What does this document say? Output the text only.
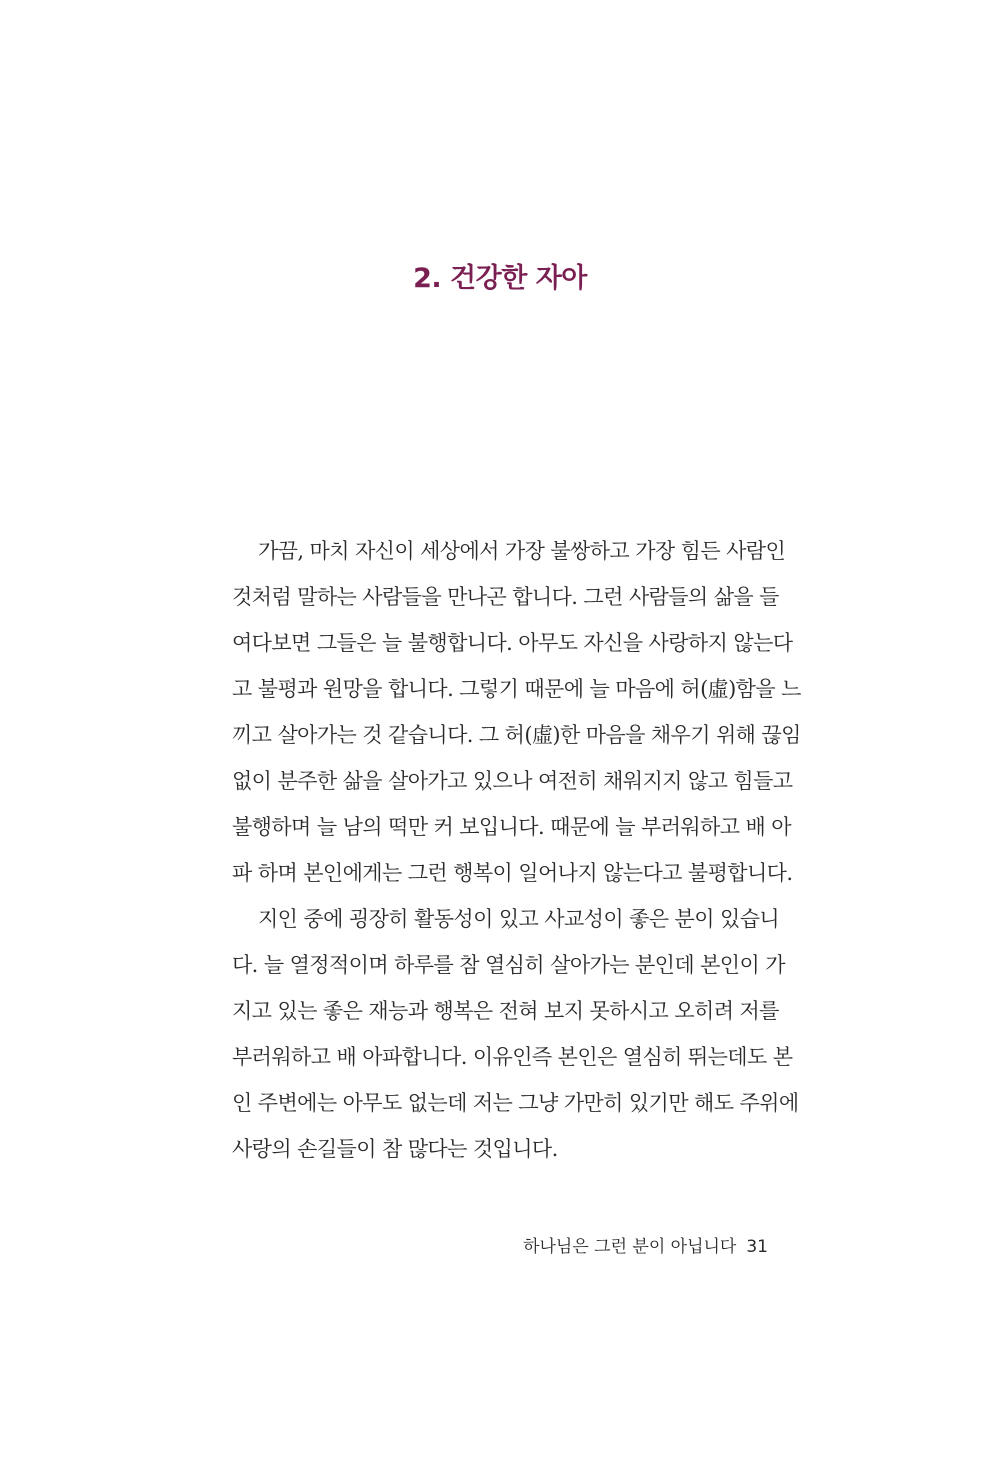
2. 건강한 자아
가끔, 마치 자신이 세상에서 가장 불쌍하고 가장 힘든 사람인
것처럼 말하는 사람들을 만나곤 합니다. 그런 사람들의 삶을 들
여다보면 그들은 늘 불행합니다. 아무도 자신을 사랑하지 않는다
고 불평과 원망을 합니다. 그렇기 때문에 늘 마음에 허(虛)함을 느
끼고 살아가는 것 같습니다. 그 허(虛)한 마음을 채우기 위해 끊임
없이 분주한 삶을 살아가고 있으나 여전히 채워지지 않고 힘들고
불행하며 늘 남의 떡만 커 보입니다. 때문에 늘 부러워하고 배 아
파 하며 본인에게는 그런 행복이 일어나지 않는다고 불평합니다.
지인 중에 굉장히 활동성이 있고 사교성이 좋은 분이 있습니
다. 늘 열정적이며 하루를 참 열심히 살아가는 분인데 본인이 가
지고 있는 좋은 재능과 행복은 전혀 보지 못하시고 오히려 저를
부러워하고 배 아파합니다. 이유인즉 본인은 열심히 뛰는데도 본
인 주변에는 아무도 없는데 저는 그냥 가만히 있기만 해도 주위에
사랑의 손길들이 참 많다는 것입니다.
하나님은 그런 분이 아닙니다 31
